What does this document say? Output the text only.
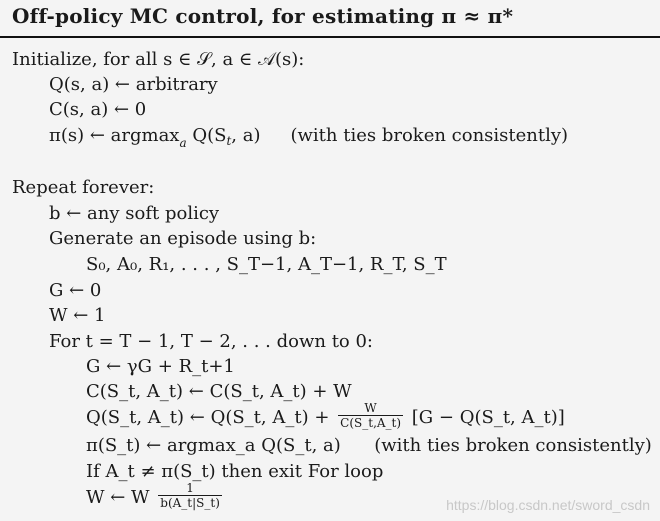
Off-policy MC control, for estimating π ≈ π*
Initialize, for all s ∈ 𝒮, a ∈ 𝒜(s):
Q(s, a) ← arbitrary
C(s, a) ← 0
π(s) ← argmax$_a$ $Q(S_t$, a) (with ties broken consistently)
Repeat forever:
b ← any soft policy
Generate an episode using b:
S₀, A₀, R₁, . . . , S_T−1, A_T−1, R_T, S_T
G ← 0
W ← 1
For t = T − 1, T − 2, . . . down to 0:
G ← γG + R_t+1
C(S_t, A_t) ← C(S_t, A_t) + W
Q(S_t, A_t) ← Q(S_t, A_t) + $\frac{W}{C(S\_t,A\_t)} [G$ − Q(S_t, A_t)]
π(S_t) ← argmax_a Q(S_t, a) (with ties broken consistently)
If A_t ≠ π(S_t) then exit For loop
W ← W $\frac{1}{b(A\_t|S\_t)}$	https://blog.csdn.net/sword_csdn
